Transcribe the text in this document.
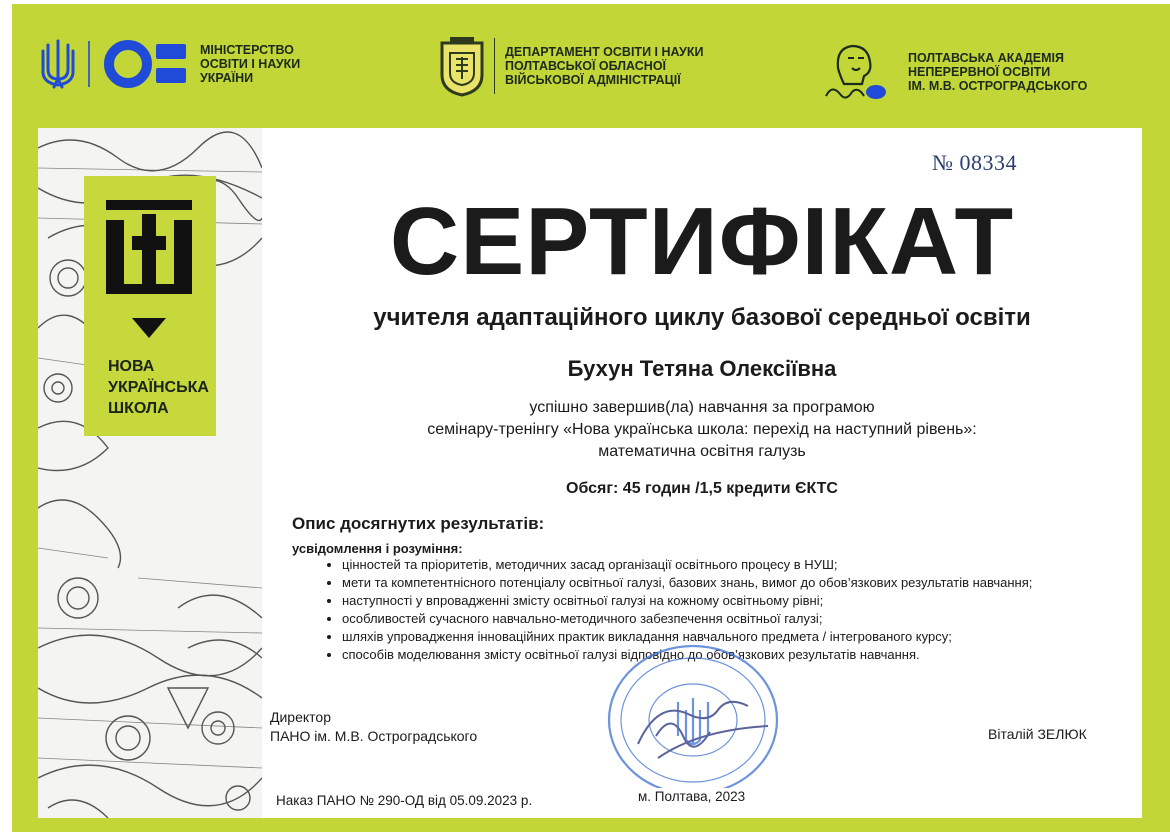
МІНІСТЕРСТВО
ОСВІТИ І НАУКИ
УКРАЇНИ
ДЕПАРТАМЕНТ ОСВІТИ І НАУКИ
ПОЛТАВСЬКОЇ ОБЛАСНОЇ
ВІЙСЬКОВОЇ АДМІНІСТРАЦІЇ
ПОЛТАВСЬКА АКАДЕМІЯ
НЕПЕРЕРВНОЇ ОСВІТИ
ІМ. М.В. ОСТРОГРАДСЬКОГО
НОВА
УКРАЇНСЬКА
ШКОЛА
№ 08334
СЕРТИФІКАТ
учителя адаптаційного циклу базової середньої освіти
Бухун Тетяна Олексіївна
успішно завершив(ла) навчання за програмою
семінару-тренінгу «Нова українська школа: перехід на наступний рівень»:
математична освітня галузь
Обсяг: 45 годин /1,5 кредити ЄКТС
Опис досягнутих результатів:
усвідомлення і розуміння:
• цінностей та пріоритетів, методичних засад організації освітнього процесу в НУШ;
• мети та компетентнісного потенціалу освітньої галузі, базових знань, вимог до обов’язкових результатів навчання;
• наступності у впровадженні змісту освітньої галузі на кожному освітньому рівні;
• особливостей сучасного навчально-методичного забезпечення освітньої галузі;
• шляхів упровадження інноваційних практик викладання навчального предмета / інтегрованого курсу;
• способів моделювання змісту освітньої галузі відповідно до обов’язкових результатів навчання.
Директор
ПАНО ім. М.В. Остроградського	Віталій ЗЕЛЮК
Наказ ПАНО № 290-ОД від 05.09.2023 р.	м. Полтава, 2023
